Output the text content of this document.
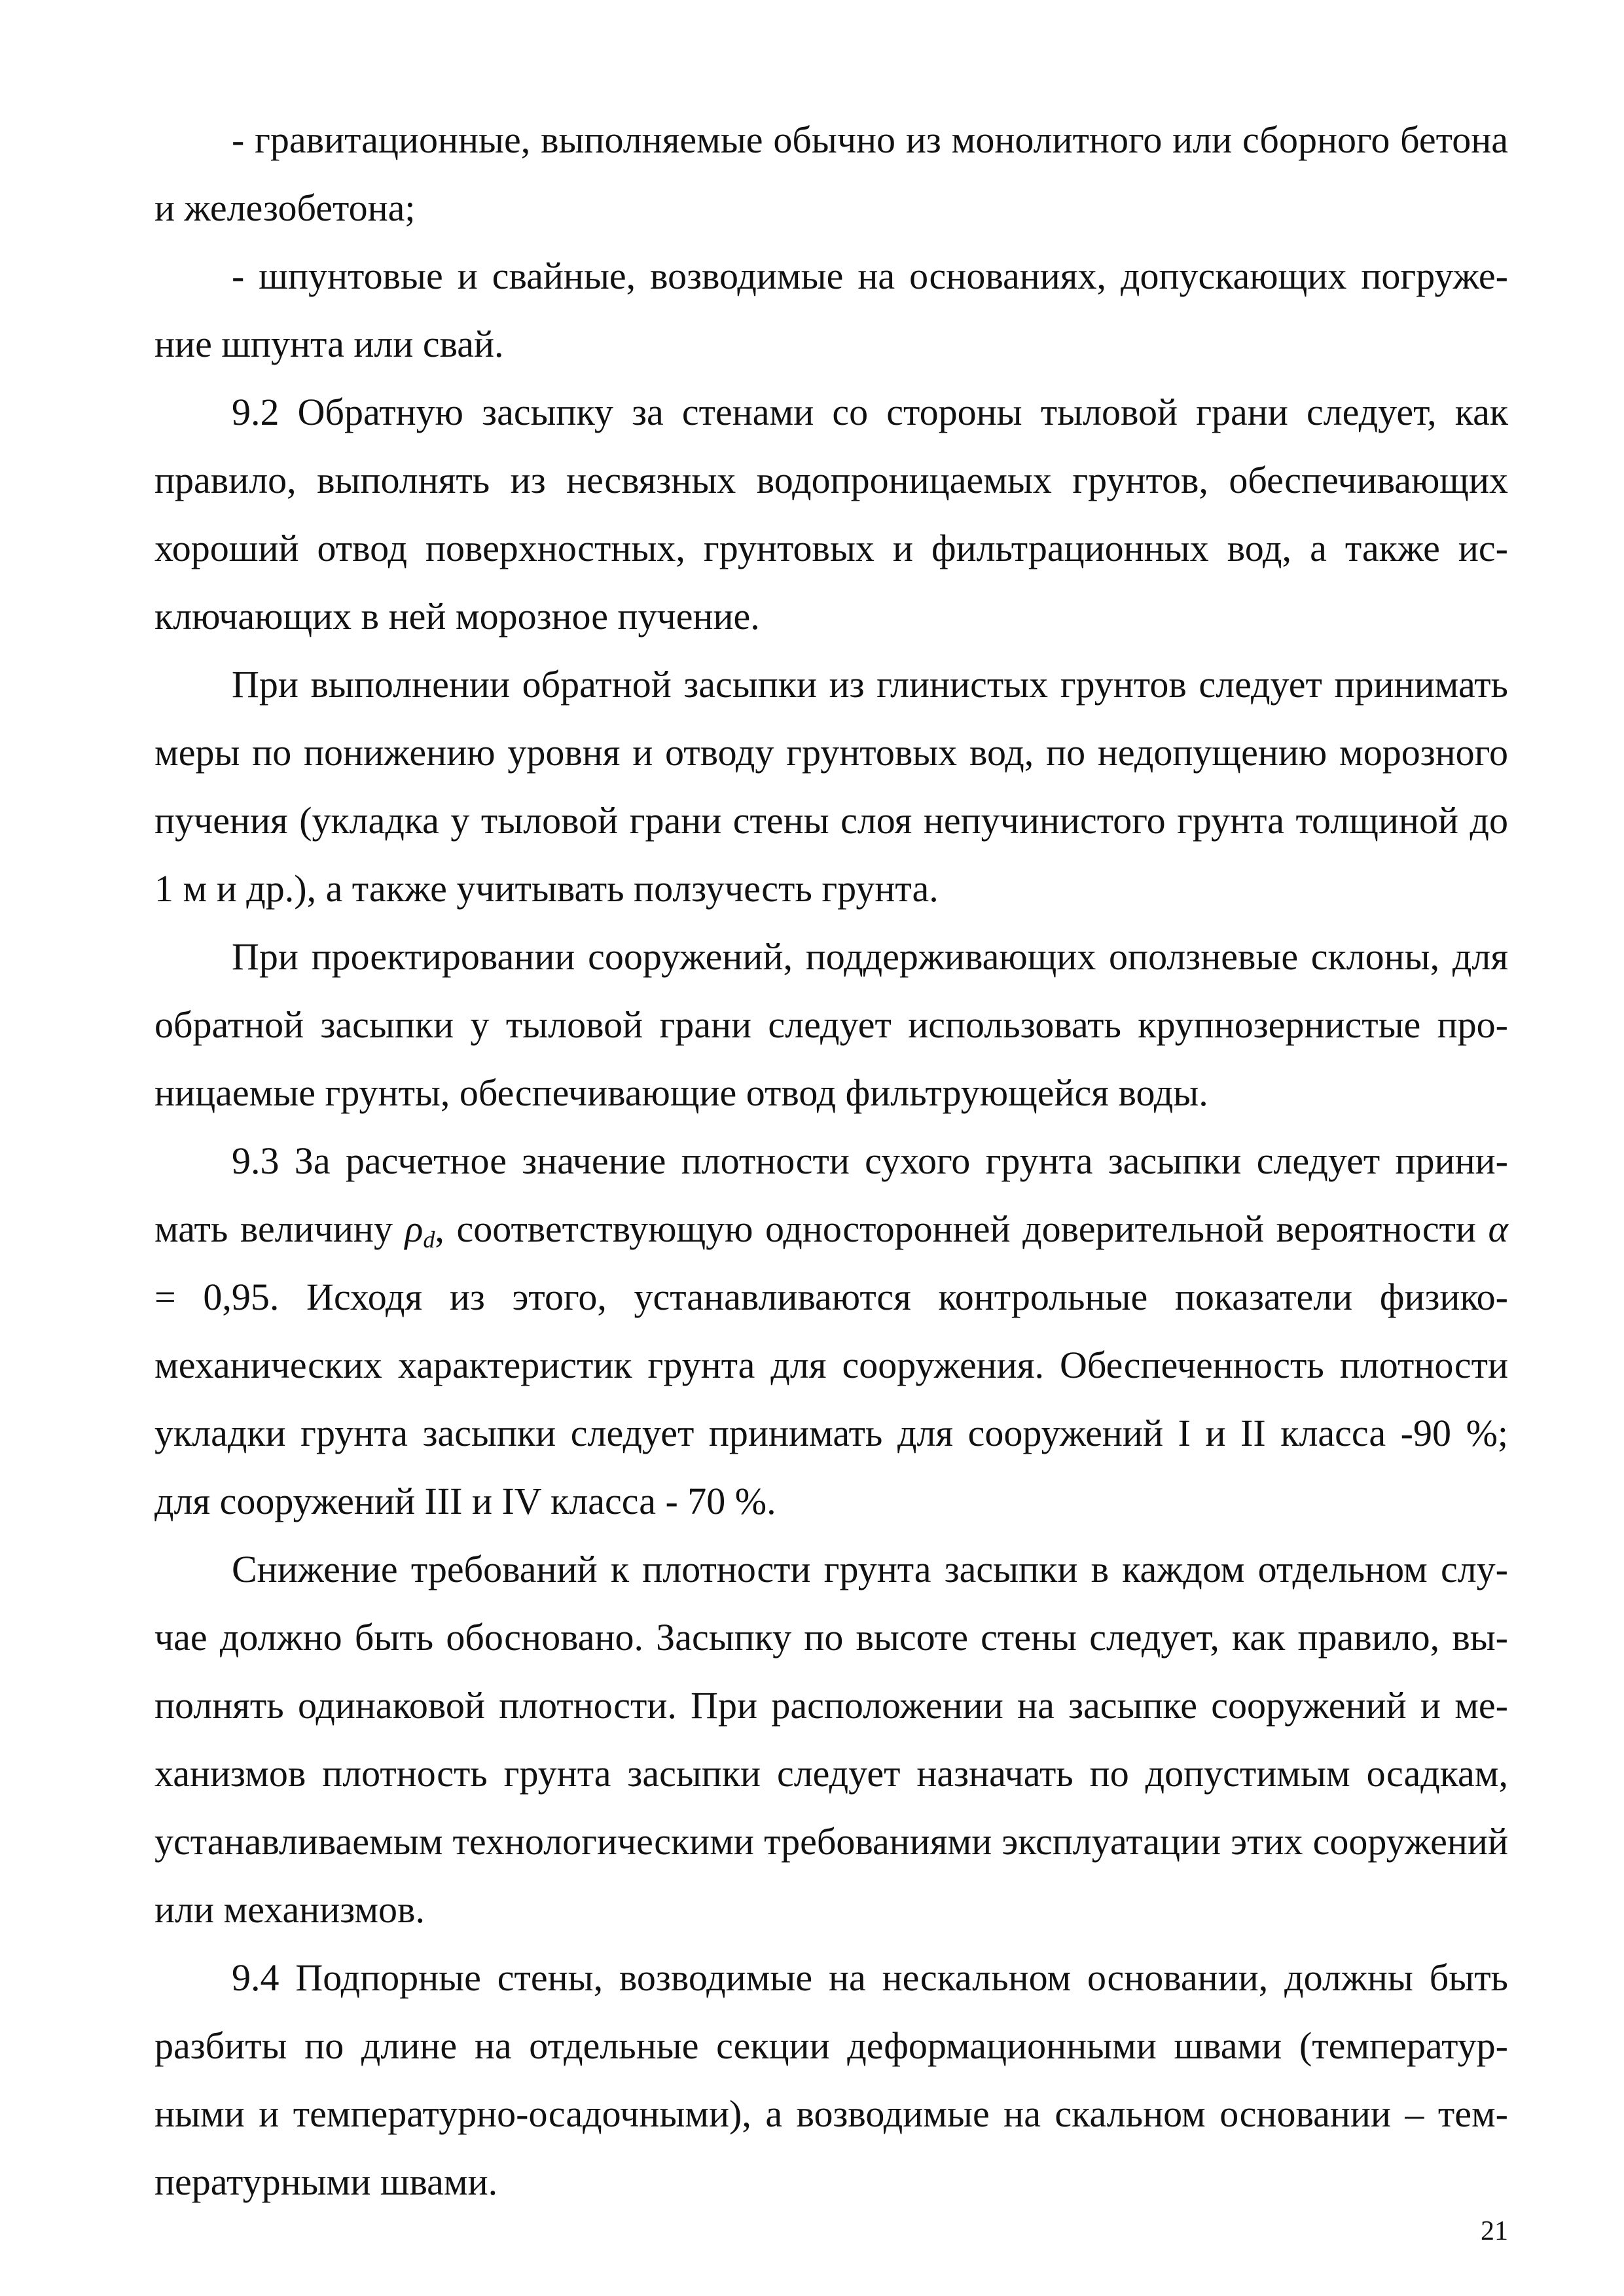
- гравитационные, выполняемые обычно из монолитного или сборного бетона и железобетона;

- шпунтовые и свайные, возводимые на основаниях, допускающих погружение шпунта или свай.

9.2 Обратную засыпку за стенами со стороны тыловой грани следует, как правило, выполнять из несвязных водопроницаемых грунтов, обеспечивающих хороший отвод поверхностных, грунтовых и фильтрационных вод, а также исключающих в ней морозное пучение.

При выполнении обратной засыпки из глинистых грунтов следует принимать меры по понижению уровня и отводу грунтовых вод, по недопущению морозного пучения (укладка у тыловой грани стены слоя непучинистого грунта толщиной до 1 м и др.), а также учитывать ползучесть грунта.

При проектировании сооружений, поддерживающих оползневые склоны, для обратной засыпки у тыловой грани следует использовать крупнозернистые проницаемые грунты, обеспечивающие отвод фильтрующейся воды.

9.3 За расчетное значение плотности сухого грунта засыпки следует принимать величину $\rho_d$, соответствующую односторонней доверительной вероятности α = 0,95. Исходя из этого, устанавливаются контрольные показатели физико-механических характеристик грунта для сооружения. Обеспеченность плотности укладки грунта засыпки следует принимать для сооружений I и II класса -90 %; для сооружений III и IV класса - 70 %.

Снижение требований к плотности грунта засыпки в каждом отдельном случае должно быть обосновано. Засыпку по высоте стены следует, как правило, выполнять одинаковой плотности. При расположении на засыпке сооружений и механизмов плотность грунта засыпки следует назначать по допустимым осадкам, устанавливаемым технологическими требованиями эксплуатации этих сооружений или механизмов.

9.4 Подпорные стены, возводимые на нескальном основании, должны быть разбиты по длине на отдельные секции деформационными швами (температурными и температурно-осадочными), а возводимые на скальном основании – температурными швами.

21
